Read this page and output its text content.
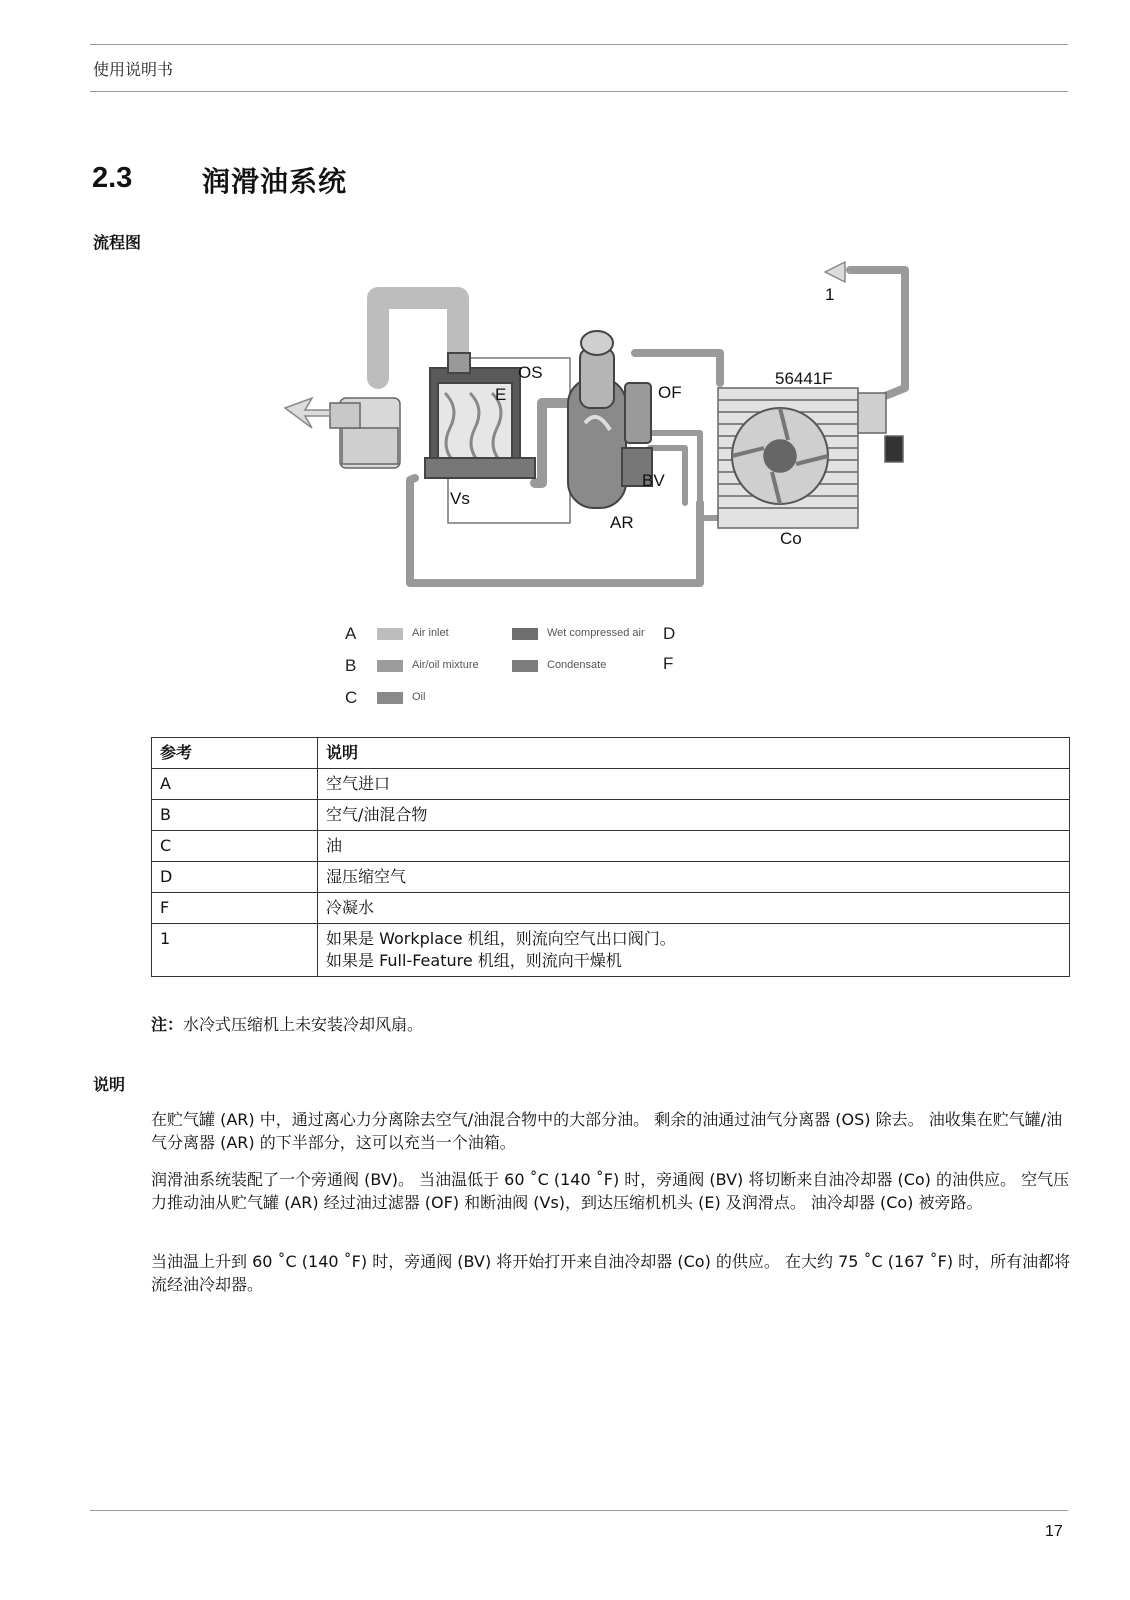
使用说明书
2.3 润滑油系统
流程图
OS
E	OF
Vs
BV
AR
Co
56441F
1
A	Air inlet
B	Air/oil mixture
C	Oil
Wet compressed air D
Condensate	F
参考	说明
A	空气进口
B	空气/油混合物
C	油
D	湿压缩空气
F	冷凝水
1	如果是 Workplace 机组，则流向空气出口阀门。
如果是 Full-Feature 机组，则流向干燥机
注：水冷式压缩机上未安装冷却风扇。
说明
在贮气罐 (AR) 中，通过离心力分离除去空气/油混合物中的大部分油。 剩余的油通过油气分离器 (OS) 除去。 油收集在贮气罐/油气分离器 (AR) 的下半部分，这可以充当一个油箱。
润滑油系统装配了一个旁通阀 (BV)。 当油温低于 60 ˚C (140 ˚F) 时，旁通阀 (BV) 将切断来自油冷却器 (Co) 的油供应。 空气压力推动油从贮气罐 (AR) 经过油过滤器 (OF) 和断油阀 (Vs)，到达压缩机机头 (E) 及润滑点。 油冷却器 (Co) 被旁路。
当油温上升到 60 ˚C (140 ˚F) 时，旁通阀 (BV) 将开始打开来自油冷却器 (Co) 的供应。 在大约 75 ˚C (167 ˚F) 时，所有油都将流经油冷却器。
17
